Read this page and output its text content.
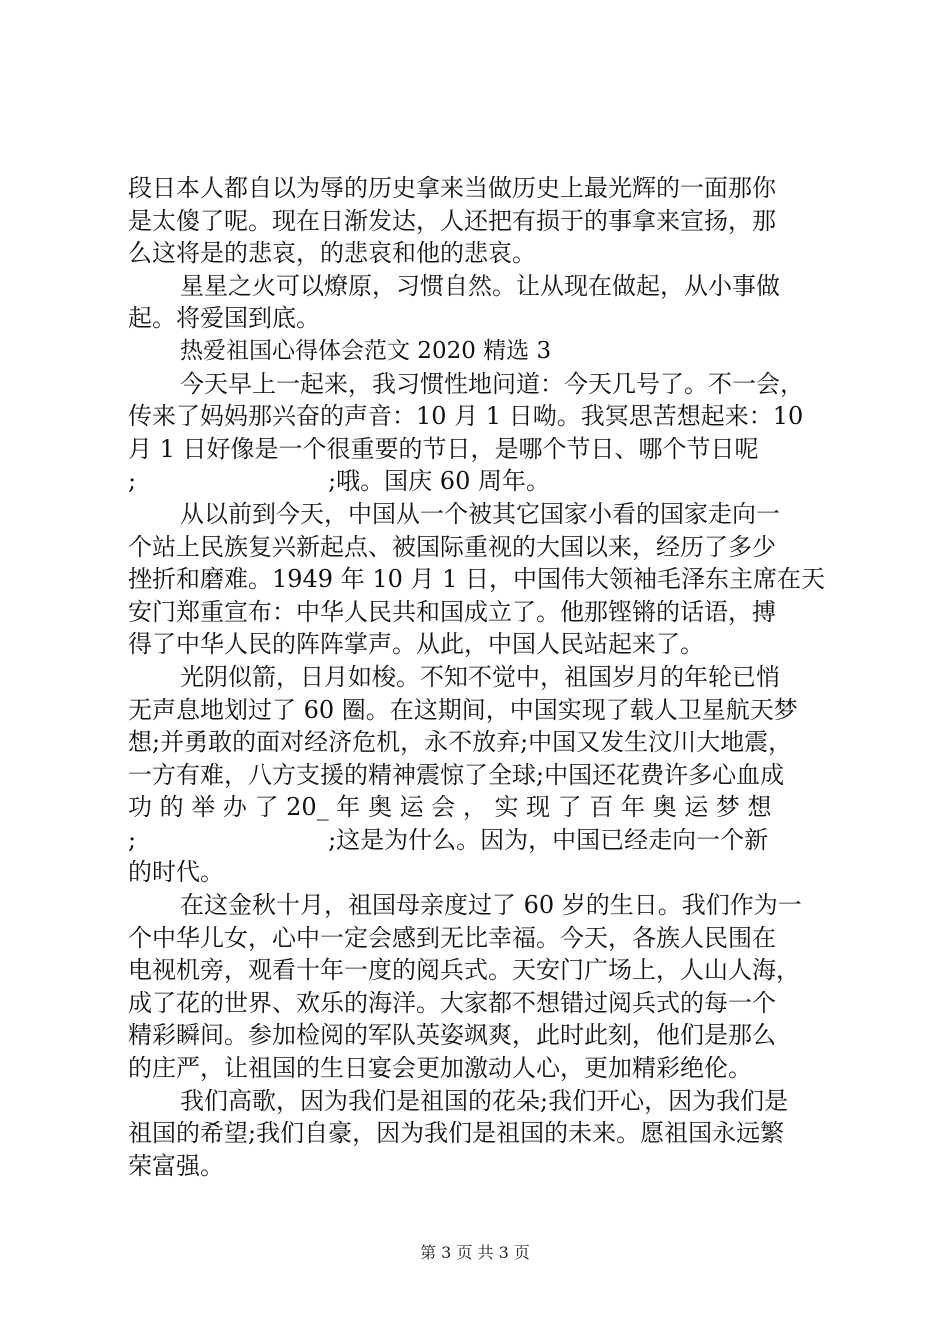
段日本人都自以为辱的历史拿来当做历史上最光辉的一面那你
是太傻了呢。现在日渐发达，人还把有损于的事拿来宣扬，那
么这将是的悲哀，的悲哀和他的悲哀。
星星之火可以燎原，习惯自然。让从现在做起，从小事做
起。将爱国到底。
热爱祖国心得体会范文 2020 精选 3
今天早上一起来，我习惯性地问道：今天几号了。不一会，
传来了妈妈那兴奋的声音：10 月 1 日呦。我冥思苦想起来：10
月 1 日好像是一个很重要的节日，是哪个节日、哪个节日呢
;　　　　　　　　;哦。国庆 60 周年。
从以前到今天，中国从一个被其它国家小看的国家走向一
个站上民族复兴新起点、被国际重视的大国以来，经历了多少
挫折和磨难。1949 年 10 月 1 日，中国伟大领袖毛泽东主席在天
安门郑重宣布：中华人民共和国成立了。他那铿锵的话语，搏
得了中华人民的阵阵掌声。从此，中国人民站起来了。
光阴似箭，日月如梭。不知不觉中，祖国岁月的年轮已悄
无声息地划过了 60 圈。在这期间，中国实现了载人卫星航天梦
想;并勇敢的面对经济危机，永不放弃;中国又发生汶川大地震，
一方有难，八方支援的精神震惊了全球;中国还花费许多心血成
功 的 举 办 了 20_ 年 奥 运 会 ， 实 现 了 百 年 奥 运 梦 想
;　　　　　　　　;这是为什么。因为，中国已经走向一个新
的时代。
在这金秋十月，祖国母亲度过了 60 岁的生日。我们作为一
个中华儿女，心中一定会感到无比幸福。今天，各族人民围在
电视机旁，观看十年一度的阅兵式。天安门广场上，人山人海，
成了花的世界、欢乐的海洋。大家都不想错过阅兵式的每一个
精彩瞬间。参加检阅的军队英姿飒爽，此时此刻，他们是那么
的庄严，让祖国的生日宴会更加激动人心，更加精彩绝伦。
我们高歌，因为我们是祖国的花朵;我们开心，因为我们是
祖国的希望;我们自豪，因为我们是祖国的未来。愿祖国永远繁
荣富强。
第 3 页 共 3 页
